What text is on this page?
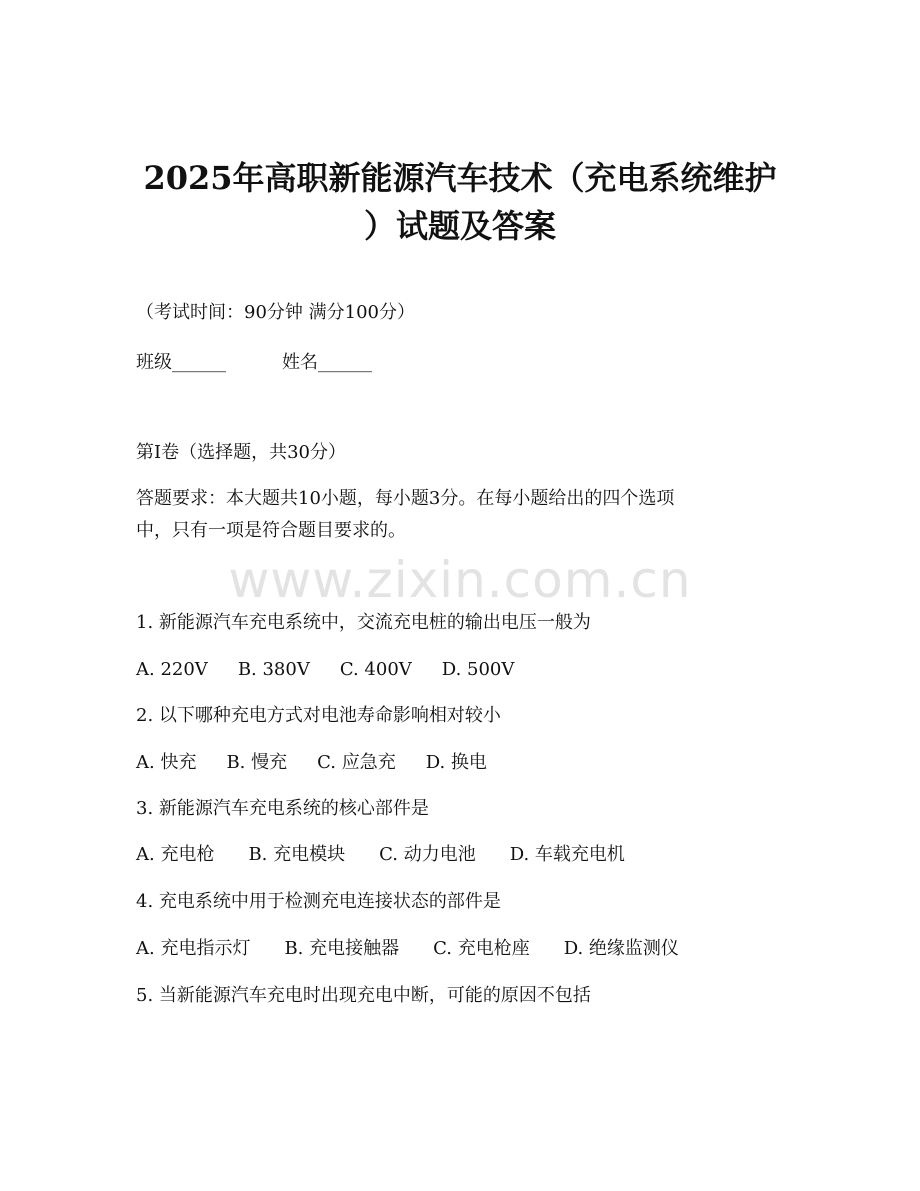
2025年高职新能源汽车技术（充电系统维护
）试题及答案

（考试时间：90分钟 满分100分）

班级______	姓名______

第I卷（选择题，共30分）

答题要求：本大题共10小题，每小题3分。在每小题给出的四个选项

中，只有一项是符合题目要求的。

www.zixin.com.cn

1. 新能源汽车充电系统中，交流充电桩的输出电压一般为

A. 220V B. 380V C. 400V D. 500V

2. 以下哪种充电方式对电池寿命影响相对较小

A. 快充 B. 慢充 C. 应急充 D. 换电

3. 新能源汽车充电系统的核心部件是

A. 充电枪 B. 充电模块 C. 动力电池 D. 车载充电机

4. 充电系统中用于检测充电连接状态的部件是

A. 充电指示灯 B. 充电接触器 C. 充电枪座 D. 绝缘监测仪

5. 当新能源汽车充电时出现充电中断，可能的原因不包括
